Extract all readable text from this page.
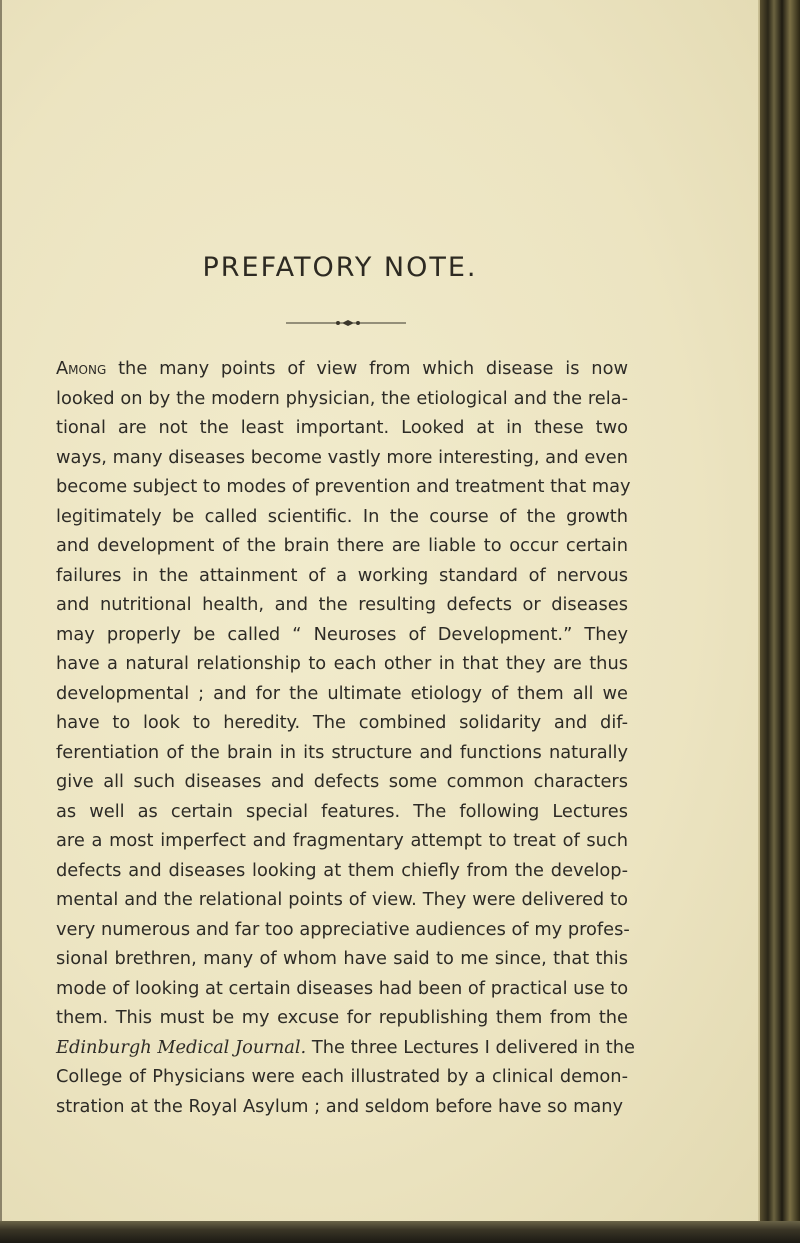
PREFATORY NOTE.
Among the many points of view from which disease is now
looked on by the modern physician, the etiological and the rela-
tional are not the least important. Looked at in these two
ways, many diseases become vastly more interesting, and even
become subject to modes of prevention and treatment that may
legitimately be called scientific. In the course of the growth
and development of the brain there are liable to occur certain
failures in the attainment of a working standard of nervous
and nutritional health, and the resulting defects or diseases
may properly be called “ Neuroses of Development.” They
have a natural relationship to each other in that they are thus
developmental ; and for the ultimate etiology of them all we
have to look to heredity. The combined solidarity and dif-
ferentiation of the brain in its structure and functions naturally
give all such diseases and defects some common characters
as well as certain special features. The following Lectures
are a most imperfect and fragmentary attempt to treat of such
defects and diseases looking at them chiefly from the develop-
mental and the relational points of view. They were delivered to
very numerous and far too appreciative audiences of my profes-
sional brethren, many of whom have said to me since, that this
mode of looking at certain diseases had been of practical use to
them. This must be my excuse for republishing them from the
Edinburgh Medical Journal. The three Lectures I delivered in the
College of Physicians were each illustrated by a clinical demon-
stration at the Royal Asylum ; and seldom before have so many
